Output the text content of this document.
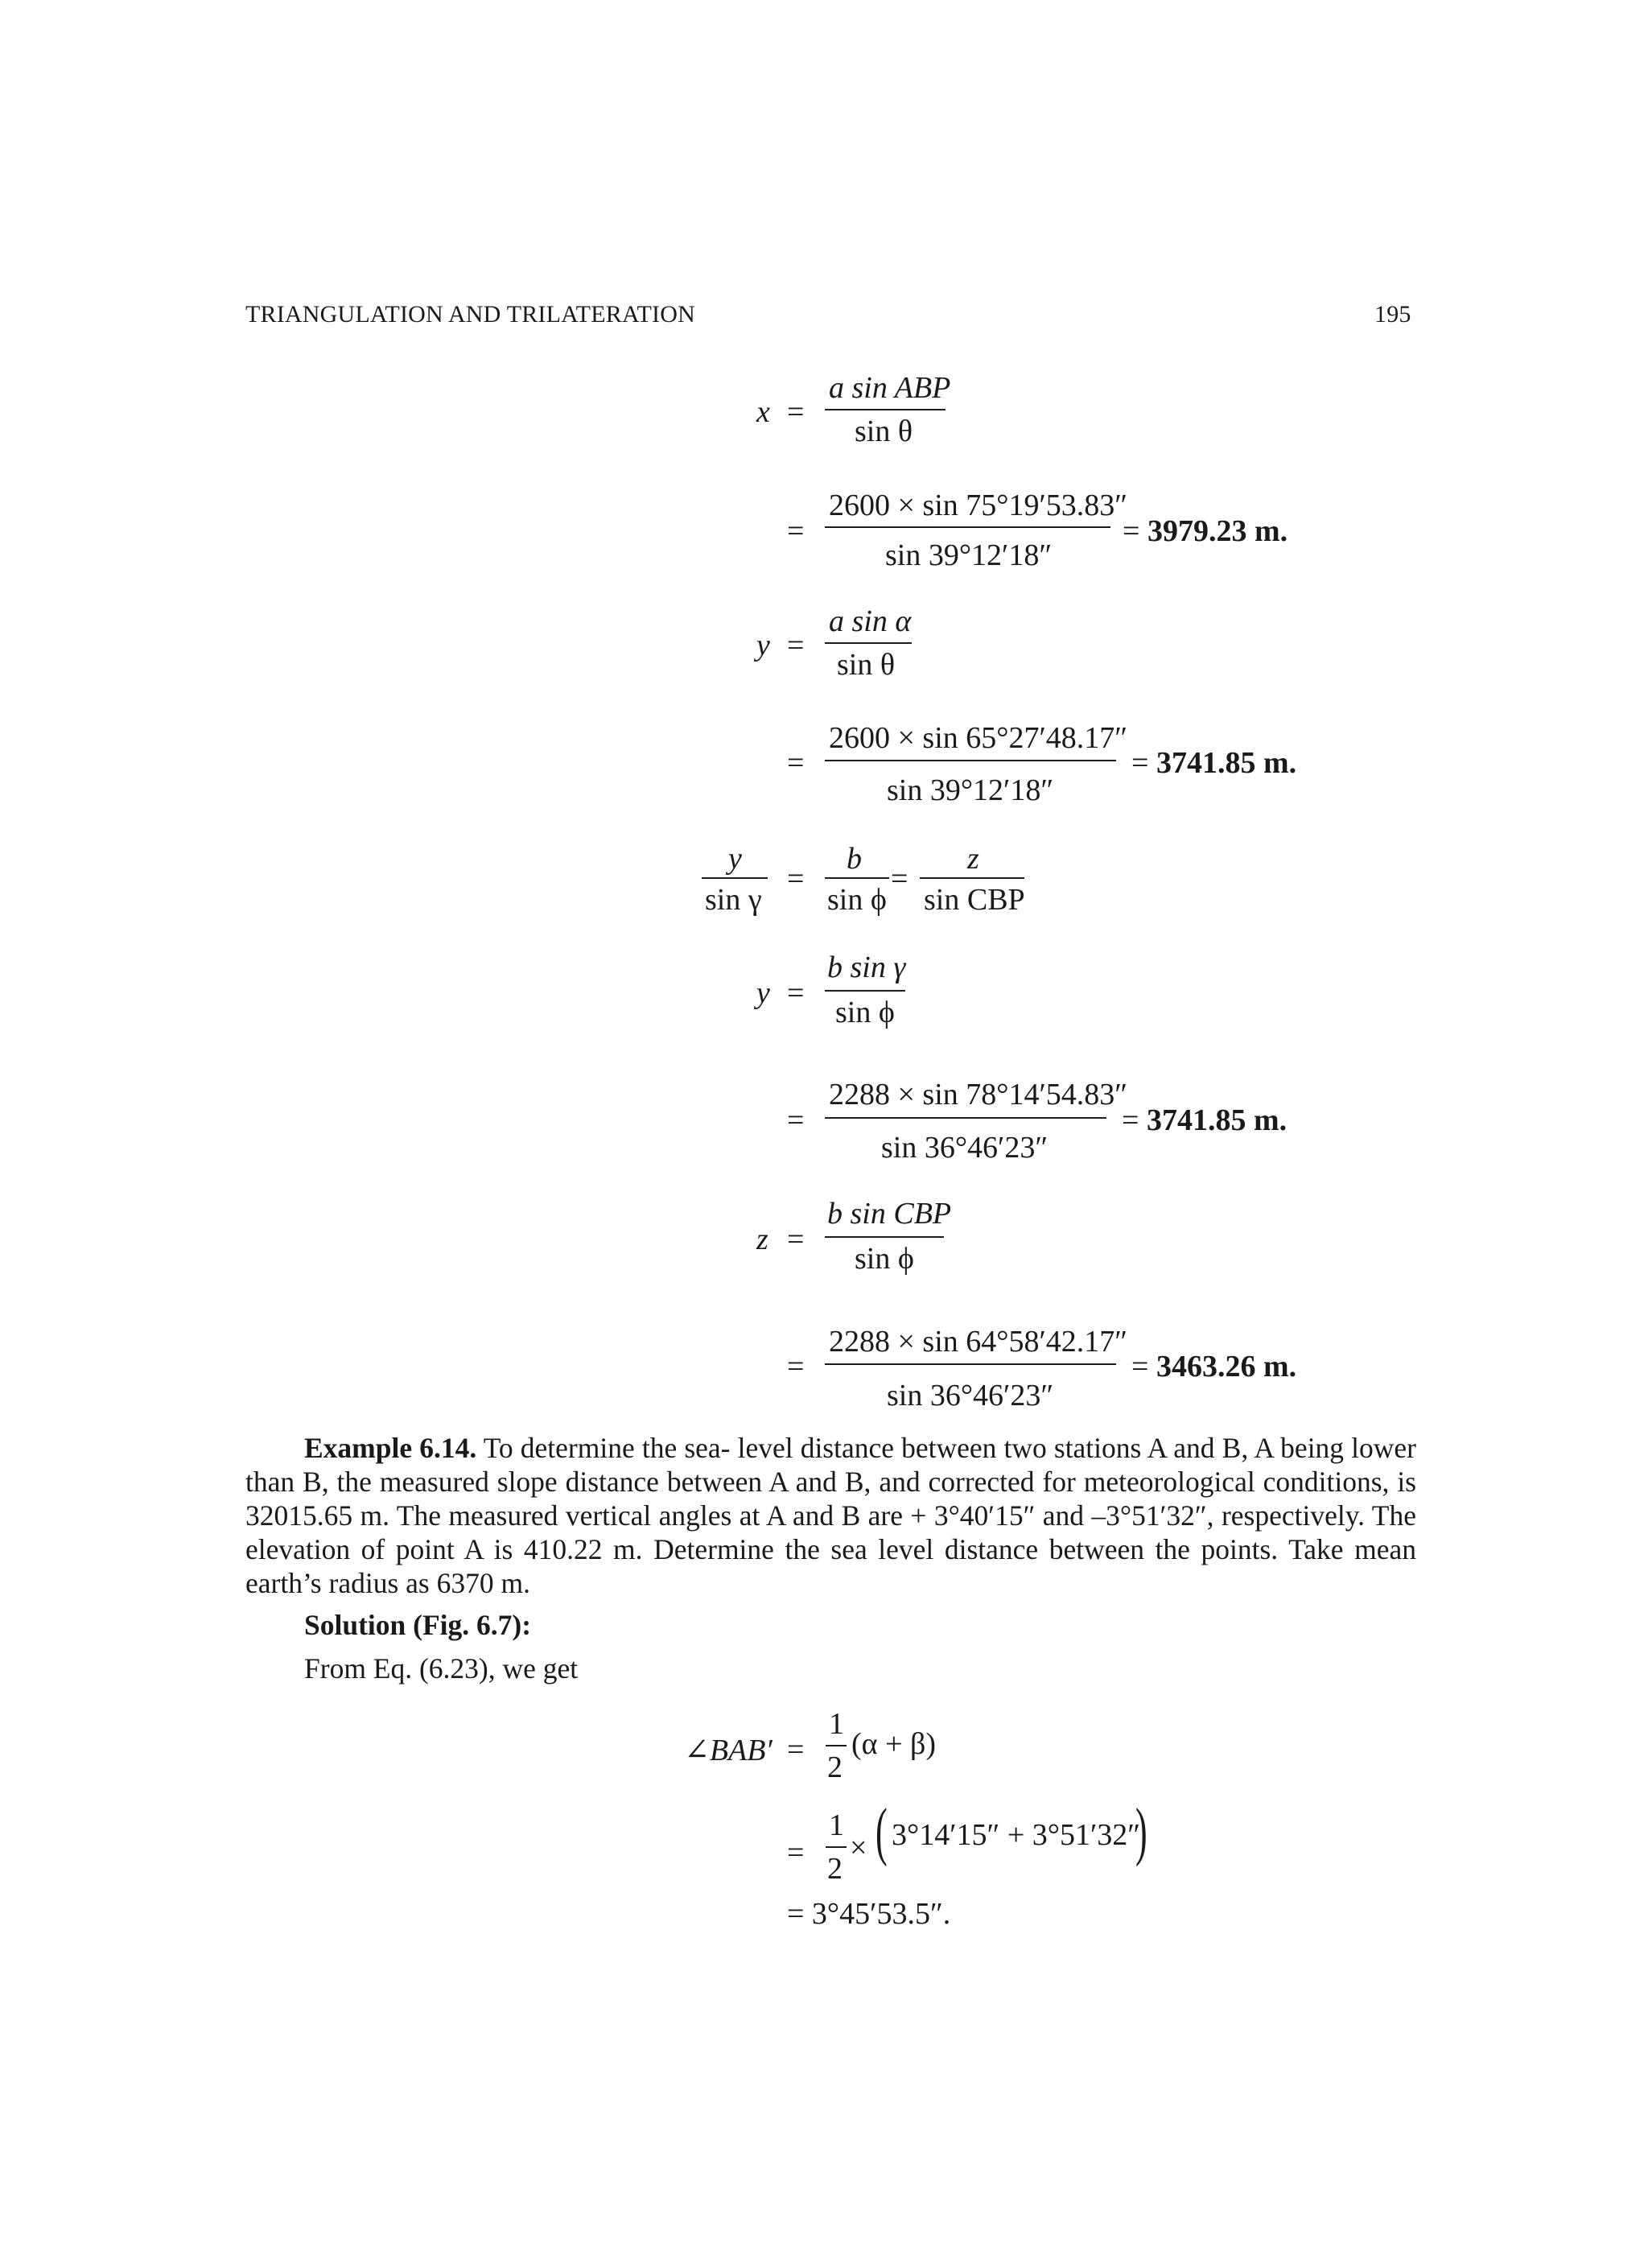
TRIANGULATION AND TRILATERATION	195
x =
a sin ABP
sin θ
=
2600 × sin 75°19′53.83″
sin 39°12′18″
= 3979.23 m.
y =
a sin α
sin θ
=
2600 × sin 65°27′48.17″
sin 39°12′18″
= 3741.85 m.
y
sin γ
=
b
sin ϕ
=
z
sin CBP
y =
b sin γ
sin ϕ
=
2288 × sin 78°14′54.83″
sin 36°46′23″
= 3741.85 m.
z =
b sin CBP
sin ϕ
=
2288 × sin 64°58′42.17″
sin 36°46′23″
= 3463.26 m.

Example 6.14. To determine the sea- level distance between two stations A and B, A being lower than B, the measured slope distance between A and B, and corrected for meteorological conditions, is 32015.65 m. The measured vertical angles at A and B are + 3°40′15″ and –3°51′32″, respectively. The elevation of point A is 410.22 m. Determine the sea level distance between the points. Take mean earth’s radius as 6370 m.

Solution (Fig. 6.7):
From Eq. (6.23), we get
∠BAB′ =
1
2
(α + β)
=
1
2
× ( 3°14′15″ + 3°51′32″
)
= 3°45′53.5″.
